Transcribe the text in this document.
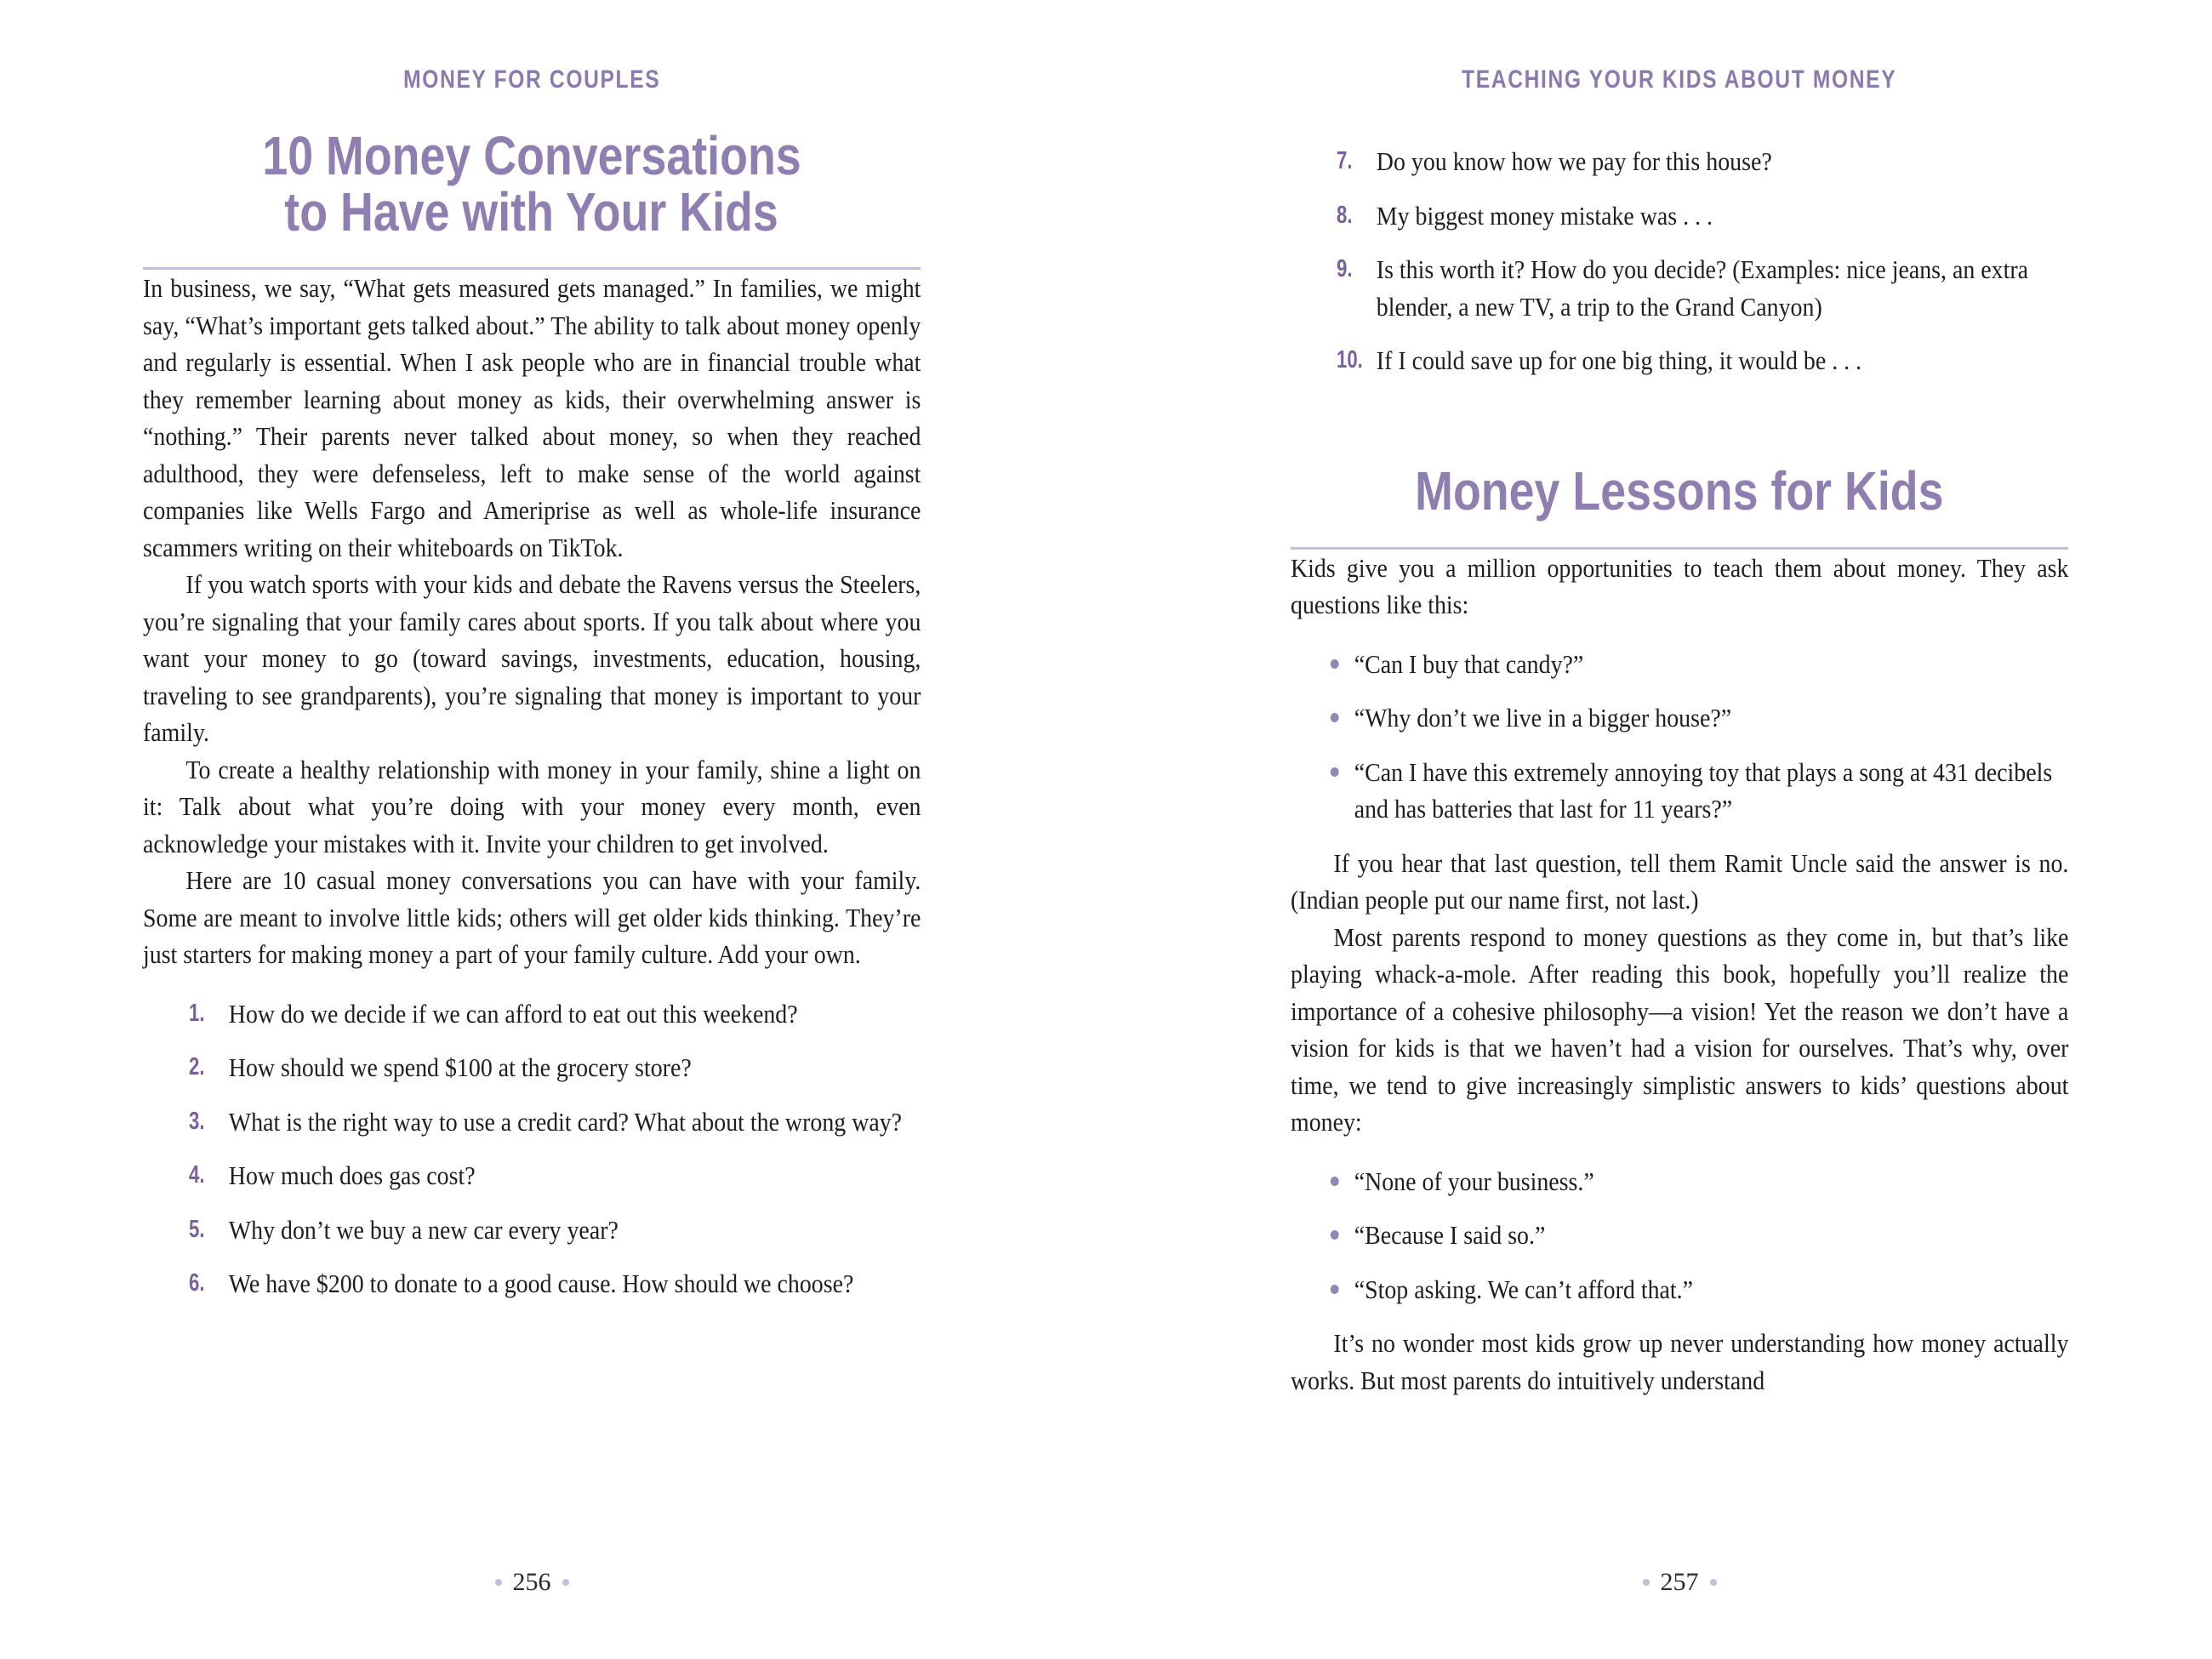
MONEY FOR COUPLES
10 Money Conversations
to Have with Your Kids

In business, we say, “What gets measured gets managed.” In families, we might say, “What’s important gets talked about.” The ability to talk about money openly and regularly is essential. When I ask people who are in financial trouble what they remember learning about money as kids, their overwhelming answer is “nothing.” Their parents never talked about money, so when they reached adulthood, they were defenseless, left to make sense of the world against companies like Wells Fargo and Ameriprise as well as whole-life insurance scammers writing on their whiteboards on TikTok.

If you watch sports with your kids and debate the Ravens versus the Steelers, you’re signaling that your family cares about sports. If you talk about where you want your money to go (toward savings, investments, education, housing, traveling to see grandparents), you’re signaling that money is important to your family.

To create a healthy relationship with money in your family, shine a light on it: Talk about what you’re doing with your money every month, even acknowledge your mistakes with it. Invite your children to get involved.

Here are 10 casual money conversations you can have with your family. Some are meant to involve little kids; others will get older kids thinking. They’re just starters for making money a part of your family culture. Add your own.

1. How do we decide if we can afford to eat out this weekend?
2. How should we spend $100 at the grocery store?
3. What is the right way to use a credit card? What about the wrong way?
4. How much does gas cost?
5. Why don’t we buy a new car every year?
6. We have $200 to donate to a good cause. How should we choose?
256
TEACHING YOUR KIDS ABOUT MONEY
7. Do you know how we pay for this house?
8. My biggest money mistake was . . .
9. Is this worth it? How do you decide? (Examples: nice jeans, an extra blender, a new TV, a trip to the Grand Canyon)
10. If I could save up for one big thing, it would be . . .
Money Lessons for Kids

Kids give you a million opportunities to teach them about money. They ask questions like this:

“Can I buy that candy?”
“Why don’t we live in a bigger house?”
“Can I have this extremely annoying toy that plays a song at 431 decibels and has batteries that last for 11 years?”

If you hear that last question, tell them Ramit Uncle said the answer is no. (Indian people put our name first, not last.)

Most parents respond to money questions as they come in, but that’s like playing whack-a-mole. After reading this book, hopefully you’ll realize the importance of a cohesive philosophy—a vision! Yet the reason we don’t have a vision for kids is that we haven’t had a vision for ourselves. That’s why, over time, we tend to give increasingly simplistic answers to kids’ questions about money:

“None of your business.”
“Because I said so.”
“Stop asking. We can’t afford that.”

It’s no wonder most kids grow up never understanding how money actually works. But most parents do intuitively understand

257
